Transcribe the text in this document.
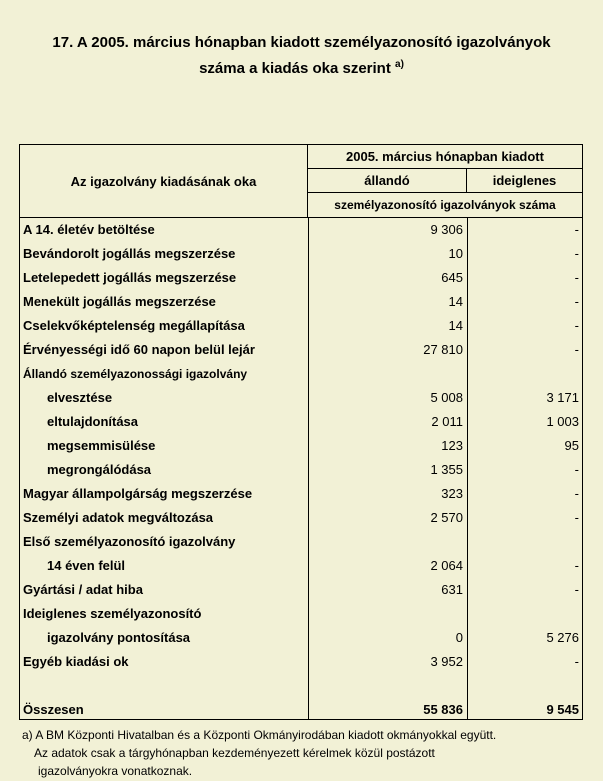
17. A 2005. március hónapban kiadott személyazonosító igazolványok
száma a kiadás oka szerint $^{a)}$
Az igazolvány kiadásának oka
2005. március hónapban kiadott
állandó	ideiglenes
személyazonosító igazolványok száma
A 14. életév betöltése	9 306	-
Bevándorolt jogállás megszerzése	10	-
Letelepedett jogállás megszerzése	645	-
Menekült jogállás megszerzése	14	-
Cselekvőképtelenség megállapítása	14	-
Érvényességi idő 60 napon belül lejár	27 810	-
Állandó személyazonossági igazolvány
elvesztése	5 008	3 171
eltulajdonítása	2 011	1 003
megsemmisülése	123	95
megrongálódása	1 355	-
Magyar állampolgárság megszerzése	323	-
Személyi adatok megváltozása	2 570	-
Első személyazonosító igazolvány
14 éven felül	2 064	-
Gyártási / adat hiba	631	-
Ideiglenes személyazonosító
igazolvány pontosítása	0	5 276
Egyéb kiadási ok	3 952	-
Összesen	55 836	9 545
a) A BM Központi Hivatalban és a Központi Okmányirodában kiadott okmányokkal együtt.
Az adatok csak a tárgyhónapban kezdeményezett kérelmek közül postázott
igazolványokra vonatkoznak.
